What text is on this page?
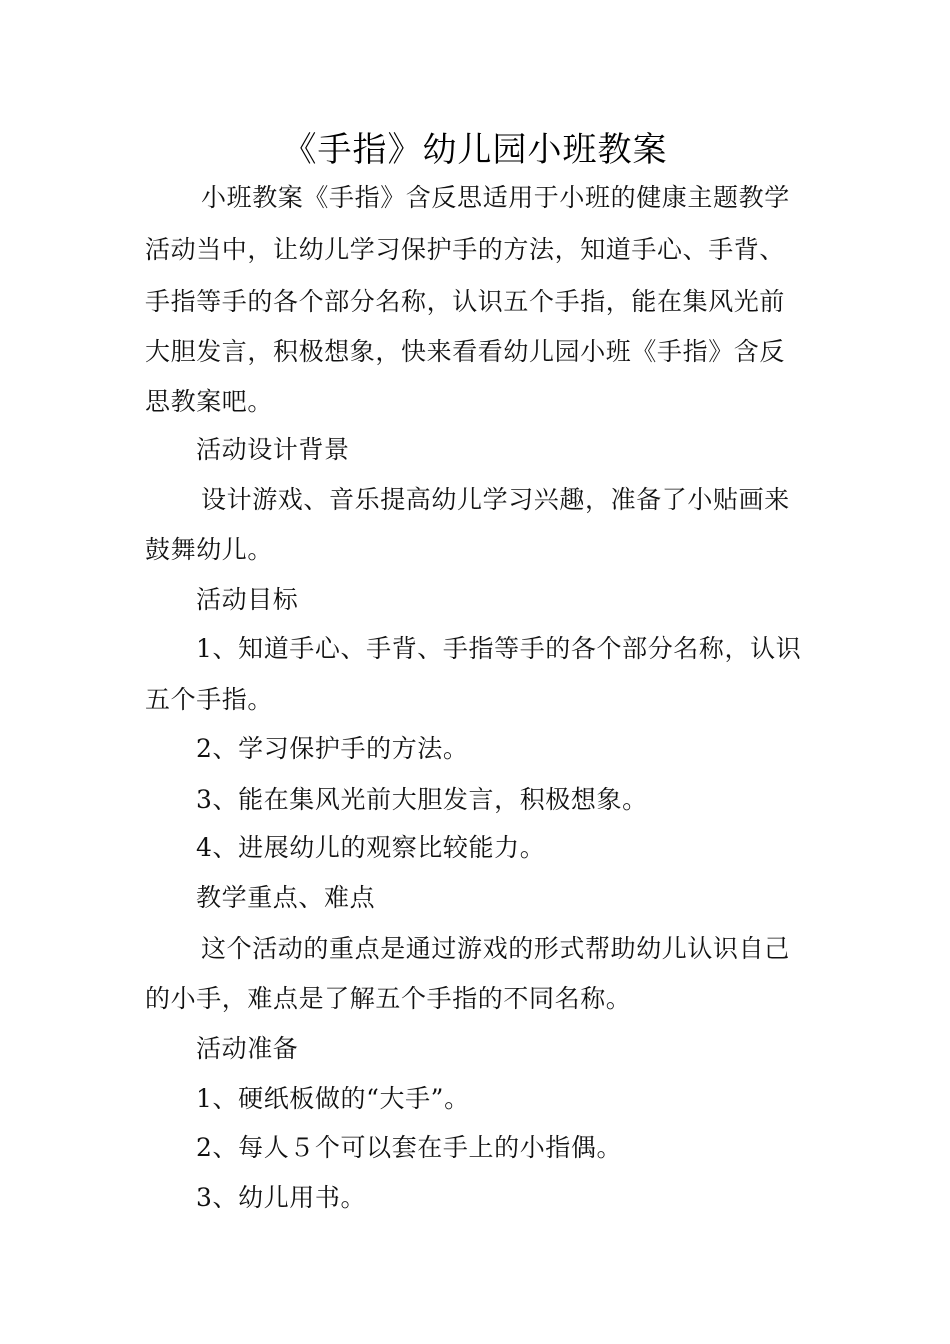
《手指》幼儿园小班教案

小班教案《手指》含反思适用于小班的健康主题教学

活动当中，让幼儿学习保护手的方法，知道手心、手背、

手指等手的各个部分名称，认识五个手指，能在集风光前

大胆发言，积极想象，快来看看幼儿园小班《手指》含反

思教案吧。

活动设计背景

设计游戏、音乐提高幼儿学习兴趣，准备了小贴画来

鼓舞幼儿。

活动目标

1、知道手心、手背、手指等手的各个部分名称，认识

五个手指。

2、学习保护手的方法。

3、能在集风光前大胆发言，积极想象。

4、进展幼儿的观察比较能力。

教学重点、难点

这个活动的重点是通过游戏的形式帮助幼儿认识自己

的小手，难点是了解五个手指的不同名称。

活动准备

1、硬纸板做的“大手”。

2、每人５个可以套在手上的小指偶。

3、幼儿用书。
